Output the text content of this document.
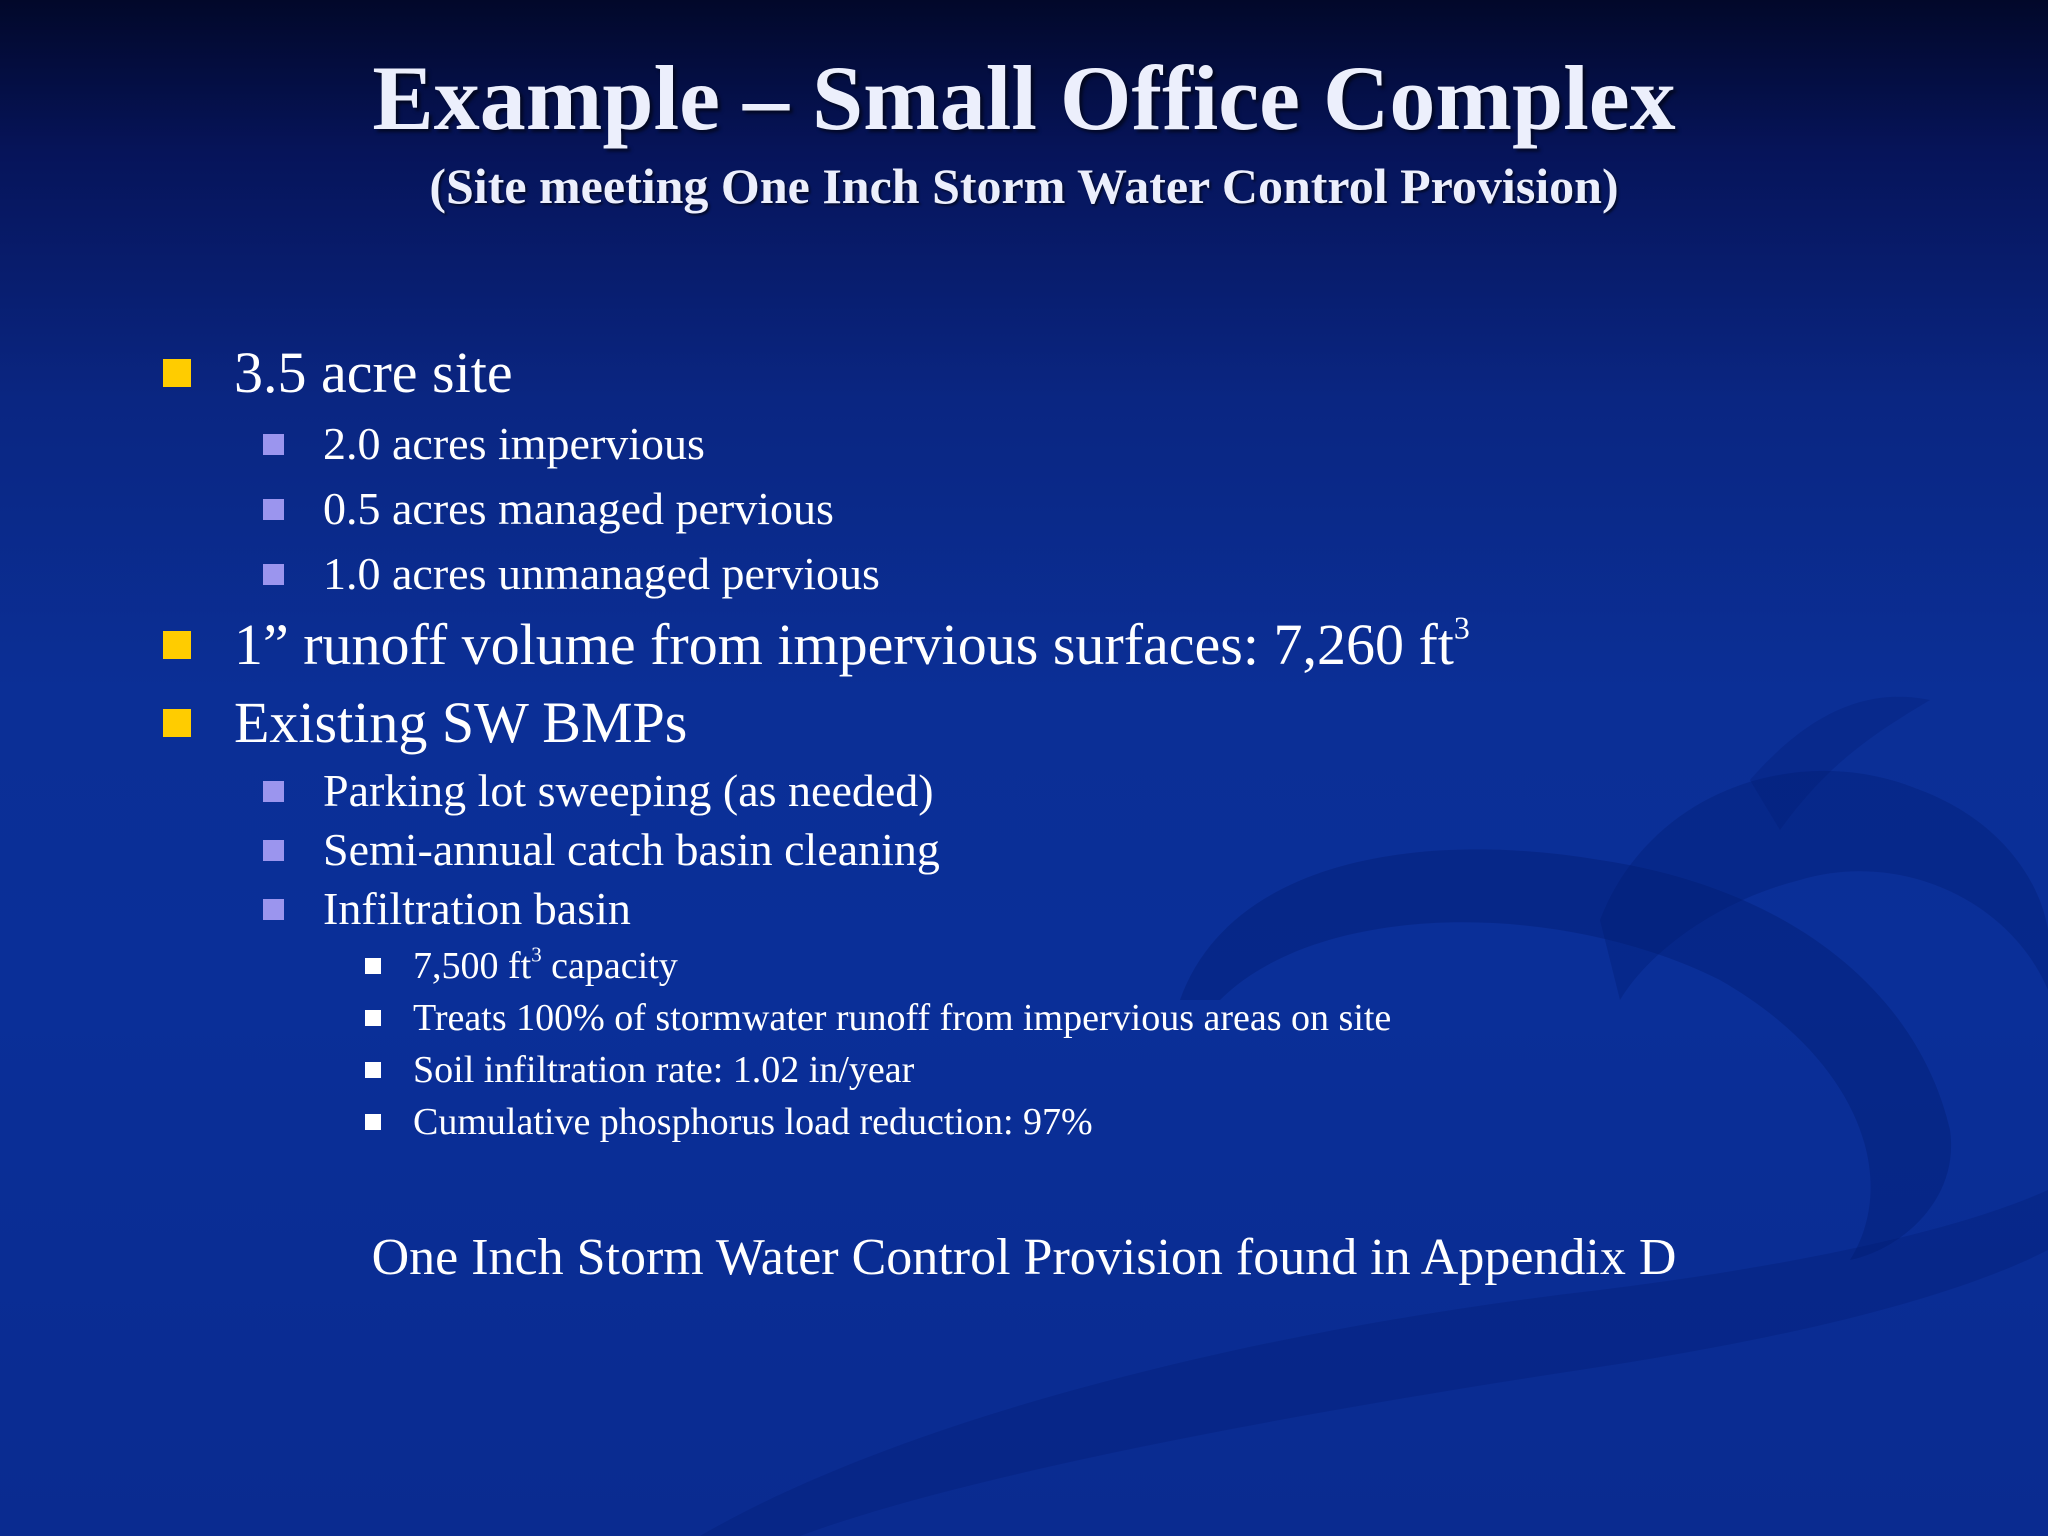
Example – Small Office Complex
(Site meeting One Inch Storm Water Control Provision)
3.5 acre site
2.0 acres impervious
0.5 acres managed pervious
1.0 acres unmanaged pervious
1” runoff volume from impervious surfaces: 7,260 $ft^3$
Existing SW BMPs
Parking lot sweeping (as needed)
Semi-annual catch basin cleaning
Infiltration basin
7,500 $ft^3$ capacity
Treats 100% of stormwater runoff from impervious areas on site
Soil infiltration rate: 1.02 in/year
Cumulative phosphorus load reduction: 97%
One Inch Storm Water Control Provision found in Appendix D
